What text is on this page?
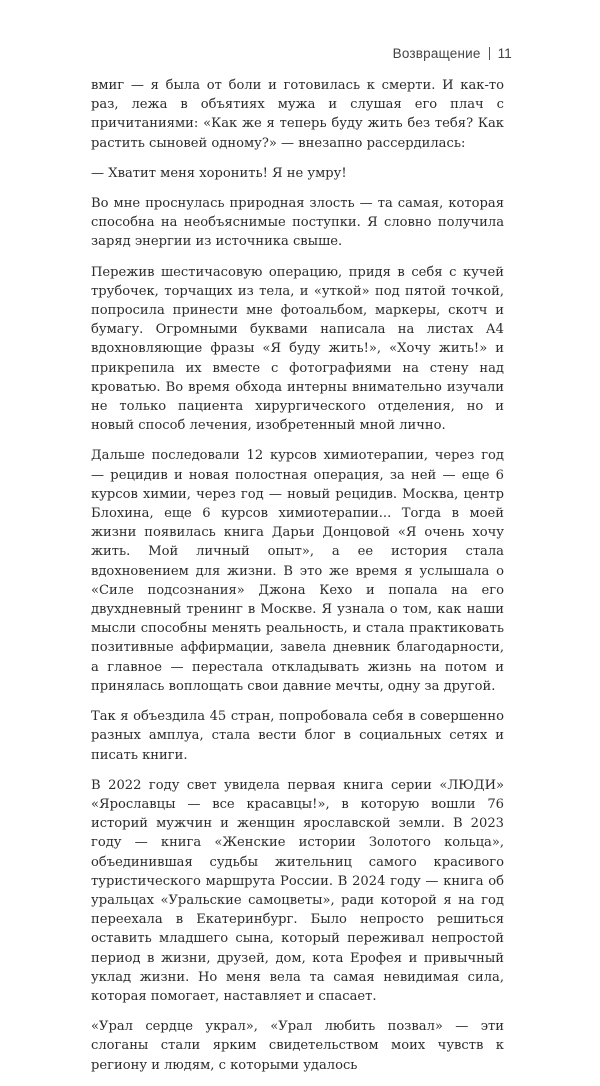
Возвращение 11

вмиг — я была от боли и готовилась к смерти. И как-то раз, лежа в объятиях мужа и слушая его плач с причитаниями: «Как же я теперь буду жить без тебя? Как растить сыновей одному?» — внезапно рассердилась:

— Хватит меня хоронить! Я не умру!

Во мне проснулась природная злость — та самая, которая способна на необъяснимые поступки. Я словно получила заряд энергии из источника свыше.

Пережив шестичасовую операцию, придя в себя с кучей трубочек, торчащих из тела, и «уткой» под пятой точкой, попросила принести мне фотоальбом, маркеры, скотч и бумагу. Огромными буквами написала на листах А4 вдохновляющие фразы «Я буду жить!», «Хочу жить!» и прикрепила их вместе с фотографиями на стену над кроватью. Во время обхода интерны внимательно изучали не только пациента хирургического отделения, но и новый способ лечения, изобретенный мной лично.

Дальше последовали 12 курсов химиотерапии, через год — рецидив и новая полостная операция, за ней — еще 6 курсов химии, через год — новый рецидив. Москва, центр Блохина, еще 6 курсов химиотерапии... Тогда в моей жизни появилась книга Дарьи Донцовой «Я очень хочу жить. Мой личный опыт», а ее история стала вдохновением для жизни. В это же время я услышала о «Силе подсознания» Джона Кехо и попала на его двухдневный тренинг в Москве. Я узнала о том, как наши мысли способны менять реальность, и стала практиковать позитивные аффирмации, завела дневник благодарности, а главное — перестала откладывать жизнь на потом и принялась воплощать свои давние мечты, одну за другой.

Так я объездила 45 стран, попробовала себя в совершенно разных амплуа, стала вести блог в социальных сетях и писать книги.

В 2022 году свет увидела первая книга серии «ЛЮДИ» «Ярославцы — все красавцы!», в которую вошли 76 историй мужчин и женщин ярославской земли. В 2023 году — книга «Женские истории Золотого кольца», объединившая судьбы жительниц самого красивого туристического маршрута России. В 2024 году — книга об уральцах «Уральские самоцветы», ради которой я на год переехала в Екатеринбург. Было непросто решиться оставить младшего сына, который переживал непростой период в жизни, друзей, дом, кота Ерофея и привычный уклад жизни. Но меня вела та самая невидимая сила, которая помогает, наставляет и спасает.

«Урал сердце украл», «Урал любить позвал» — эти слоганы стали ярким свидетельством моих чувств к региону и людям, с которыми удалось
